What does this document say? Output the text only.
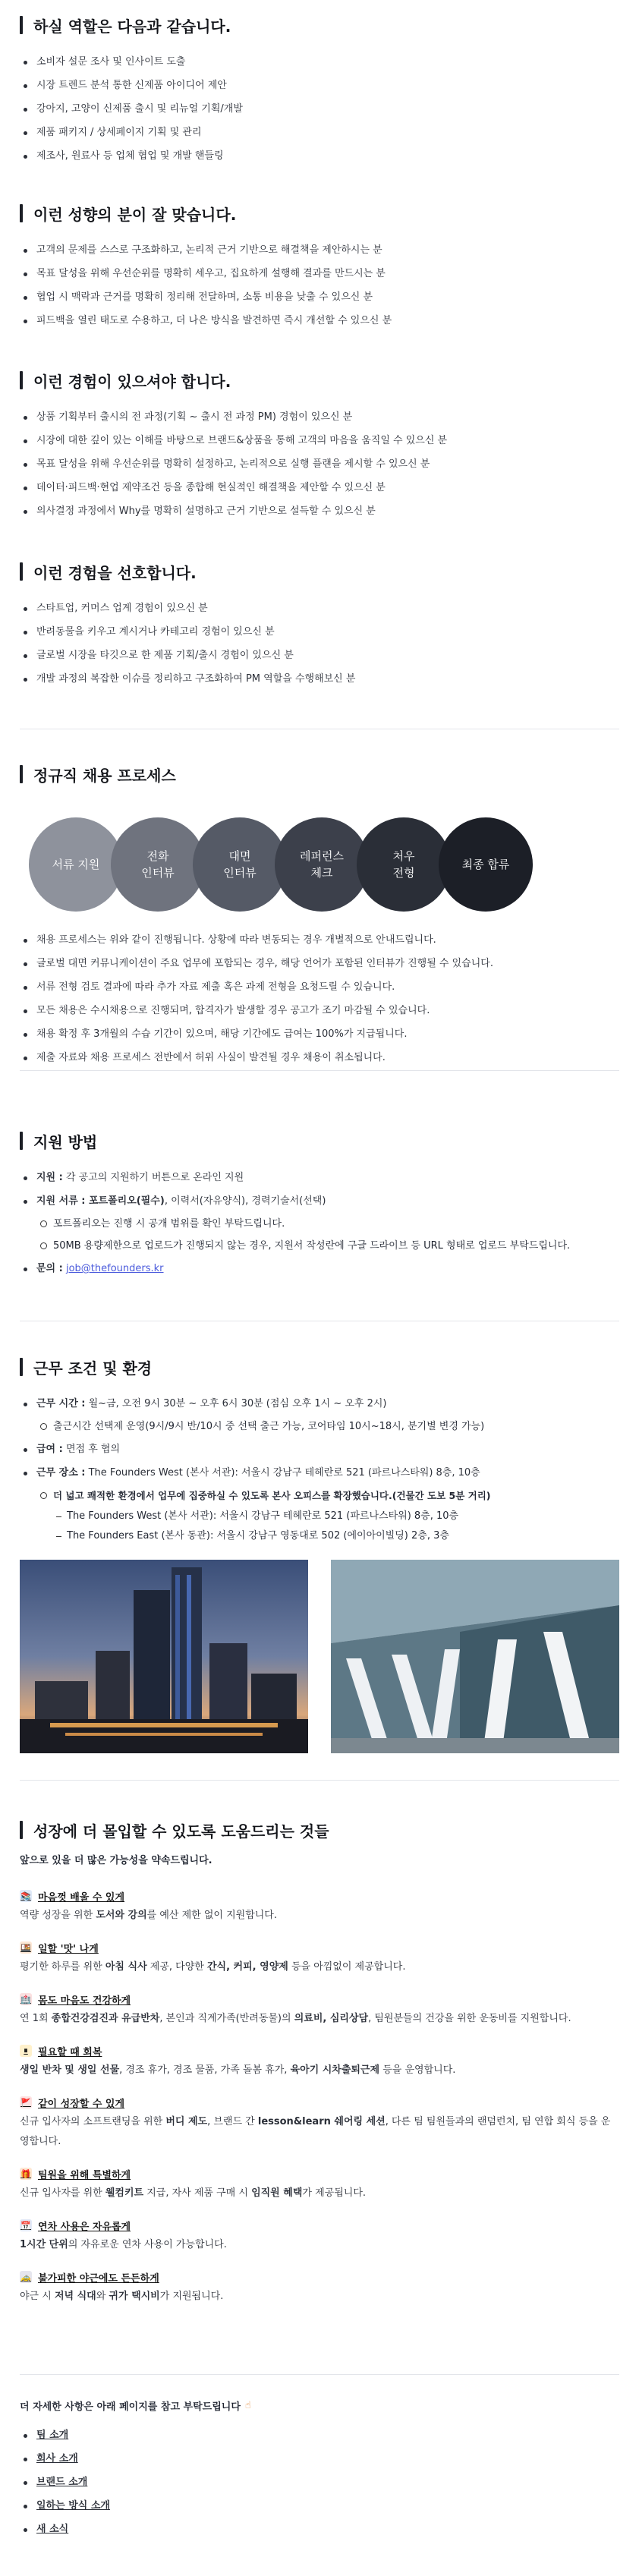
하실 역할은 다음과 같습니다.
소비자 설문 조사 및 인사이트 도출
시장 트렌드 분석 통한 신제품 아이디어 제안
강아지, 고양이 신제품 출시 및 리뉴얼 기획/개발
제품 패키지 / 상세페이지 기획 및 관리
제조사, 원료사 등 업체 협업 및 개발 핸들링
이런 성향의 분이 잘 맞습니다.
고객의 문제를 스스로 구조화하고, 논리적 근거 기반으로 해결책을 제안하시는 분
목표 달성을 위해 우선순위를 명확히 세우고, 집요하게 설행해 결과를 만드시는 분
협업 시 맥락과 근거를 명확히 정리해 전달하며, 소통 비용을 낮출 수 있으신 분
피드백을 열린 태도로 수용하고, 더 나은 방식을 발견하면 즉시 개선할 수 있으신 분
이런 경험이 있으셔야 합니다.
상품 기획부터 출시의 전 과정(기획 ~ 출시 전 과정 PM) 경험이 있으신 분
시장에 대한 깊이 있는 이해를 바탕으로 브랜드&상품을 통해 고객의 마음을 움직일 수 있으신 분
목표 달성을 위해 우선순위를 명확히 설정하고, 논리적으로 실행 플랜을 제시할 수 있으신 분
데이터·피드백·현업 제약조건 등을 종합해 현실적인 해결책을 제안할 수 있으신 분
의사결정 과정에서 Why를 명확히 설명하고 근거 기반으로 설득할 수 있으신 분
이런 경험을 선호합니다.
스타트업, 커머스 업계 경험이 있으신 분
반려동물을 키우고 계시거나 카테고리 경험이 있으신 분
글로벌 시장을 타깃으로 한 제품 기획/출시 경험이 있으신 분
개발 과정의 복잡한 이슈를 정리하고 구조화하여 PM 역할을 수행해보신 분
정규직 채용 프로세스
서류 지원
전화
인터뷰
대면
인터뷰
레퍼런스
체크
처우
전형
최종 합류
채용 프로세스는 위와 같이 진행됩니다. 상황에 따라 변동되는 경우 개별적으로 안내드립니다.
글로벌 대면 커뮤니케이션이 주요 업무에 포함되는 경우, 해당 언어가 포함된 인터뷰가 진행될 수 있습니다.
서류 전형 검토 결과에 따라 추가 자료 제출 혹은 과제 전형을 요청드릴 수 있습니다.
모든 채용은 수시채용으로 진행되며, 합격자가 발생할 경우 공고가 조기 마감될 수 있습니다.
채용 확정 후 3개월의 수습 기간이 있으며, 해당 기간에도 급여는 100%가 지급됩니다.
제출 자료와 채용 프로세스 전반에서 허위 사실이 발견될 경우 채용이 취소됩니다.
지원 방법
지원 : 각 공고의 지원하기 버튼으로 온라인 지원
지원 서류 : 포트폴리오(필수), 이력서(자유양식), 경력기술서(선택)
포트폴리오는 진행 시 공개 범위를 확인 부탁드립니다.
50MB 용량제한으로 업로드가 진행되지 않는 경우, 지원서 작성란에 구글 드라이브 등 URL 형태로 업로드 부탁드립니다.
문의 : job@thefounders.kr
근무 조건 및 환경
근무 시간 : 월~금, 오전 9시 30분 ~ 오후 6시 30분 (점심 오후 1시 ~ 오후 2시)
출근시간 선택제 운영(9시/9시 반/10시 중 선택 출근 가능, 코어타임 10시~18시, 분기별 변경 가능)
급여 : 면접 후 협의
근무 장소 : The Founders West (본사 서관): 서울시 강남구 테헤란로 521 (파르나스타워) 8층, 10층
더 넓고 쾌적한 환경에서 업무에 집중하실 수 있도록 본사 오피스를 확장했습니다.(건물간 도보 5분 거리)
The Founders West (본사 서관): 서울시 강남구 테헤란로 521 (파르나스타워) 8층, 10층
The Founders East (본사 동관): 서울시 강남구 영동대로 502 (에이아이빌딩) 2층, 3층
성장에 더 몰입할 수 있도록 도움드리는 것들
앞으로 있을 더 많은 가능성을 약속드립니다.
📚 마음껏 배울 수 있게
역량 성장을 위한 도서와 강의를 예산 제한 없이 지원합니다.
🍱 일할 '맛' 나게
평기한 하루를 위한 아침 식사 제공, 다양한 간식, 커피, 영양제 등을 아낌없이 제공합니다.
🏥 몸도 마음도 건강하게
연 1회 종합건강검진과 유급반차, 본인과 직계가족(반려동물)의 의료비, 심리상담, 팀원분들의 건강을 위한 운동비를 지원합니다.
⏸	필요할 때 회복
생일 반차 및 생일 선물, 경조 휴가, 경조 물품, 가족 돌봄 휴가, 육아기 시차출퇴근제 등을 운영합니다.
🚩 같이 성장할 수 있게
신규 입사자의 소프트랜딩을 위한 버디 제도, 브랜드 간 lesson&learn 쉐어링 세션, 다른 팀 팀원들과의 랜덤런치, 팀 연합 회식 등을 운영합니다.
🎁 팀원을 위해 특별하게
신규 입사자를 위한 웰컴키트 지급, 자사 제품 구매 시 임직원 혜택가 제공됩니다.
📅 연차 사용은 자유롭게
1시간 단위의 자유로운 연차 사용이 가능합니다.
🚕 불가피한 야근에도 든든하게
야근 시 저녁 식대와 귀가 택시비가 지원됩니다.
더 자세한 사항은 아래 페이지를 참고 부탁드립니다 ☝
팀 소개
회사 소개
브랜드 소개
일하는 방식 소개
새 소식
